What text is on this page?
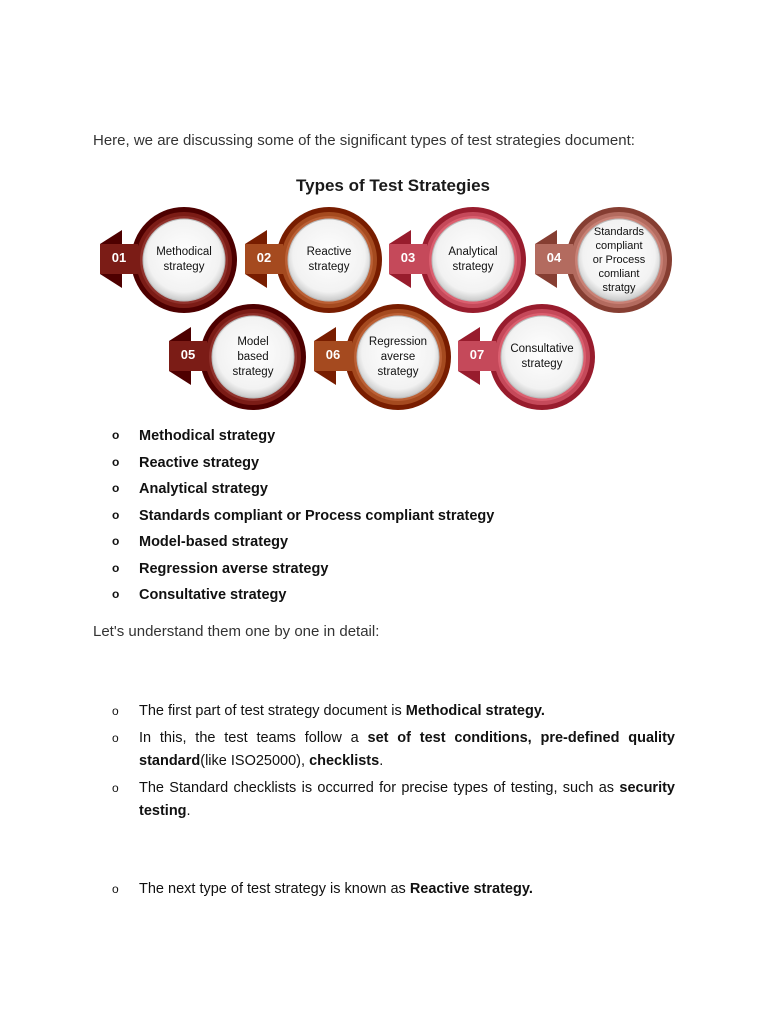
Here, we are discussing some of the significant types of test strategies document:

Types of Test Strategies
01	Methodical
strategy
02	Reactive
strategy
03	Analytical
strategy
04
Standards
compliant
or Process
comliant
stratgy
05
Model
based
strategy
06
Regression
averse
strategy
07	Consultative
strategy
o Methodical strategy
o Reactive strategy
o Analytical strategy
o Standards compliant or Process compliant strategy
o Model-based strategy
o Regression averse strategy
o Consultative strategy

Let's understand them one by one in detail:

o The first part of test strategy document is Methodical strategy.
o In this, the test teams follow a set of test conditions, pre-defined quality standard(like ISO25000), checklists.
o The Standard checklists is occurred for precise types of testing, such as security testing.
o The next type of test strategy is known as Reactive strategy.
